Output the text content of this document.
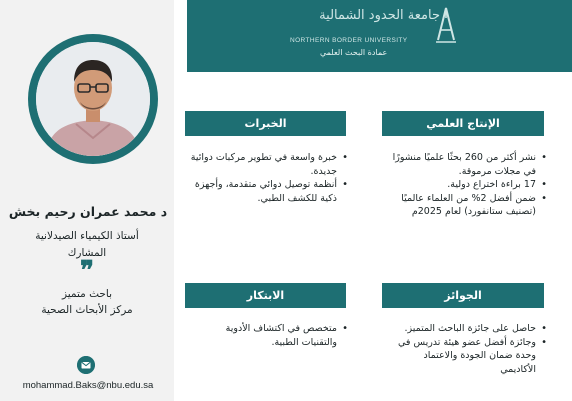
جامعة الحدود الشمالية
NORTHERN BORDER UNIVERSITY
عمادة البحث العلمي
د محمد عمران رحيم بخش
أستاذ الكيمياء الصيدلانية
المشارك
❞
باحث متميز
مركز الأبحاث الصحية
mohammad.Baks@nbu.edu.sa
الإنتاج العلمي
• نشر أكثر من 260 بحثًا علميًا منشورًا في مجلات مرموقة.
• 17 براءة اختراع دولية.
• ضمن أفضل 2% من العلماء عالميًا (تصنيف ستانفورد) لعام 2025م
الخبرات
• خبرة واسعة في تطوير مركبات دوائية جديدة.
• أنظمة توصيل دوائي متقدمة، وأجهزة ذكية للكشف الطبي.
الجوائز
• حاصل على جائزة الباحث المتميز.
• وجائزة أفضل عضو هيئة تدريس في وحدة ضمان الجودة والاعتماد الأكاديمي
الابتكار
• متخصص في اكتشاف الأدوية والتقنيات الطبية.
